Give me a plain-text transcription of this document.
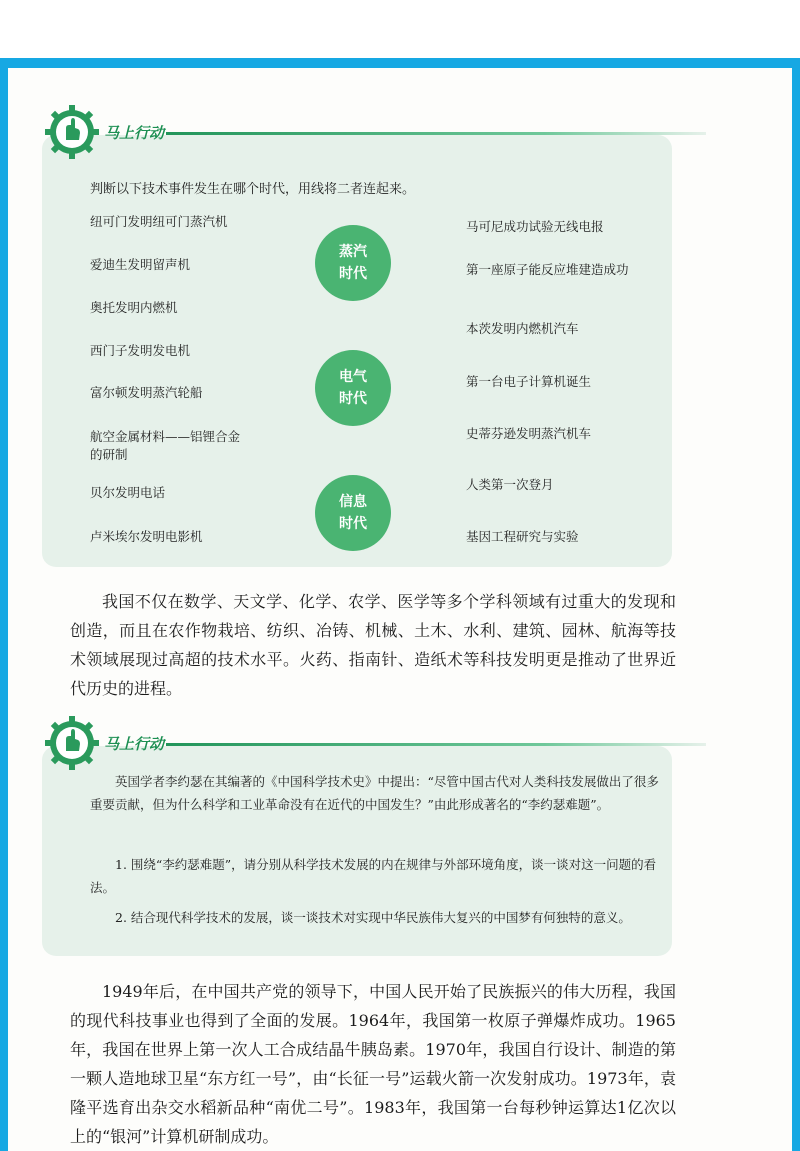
马上行动
判断以下技术事件发生在哪个时代，用线将二者连起来。
纽可门发明纽可门蒸汽机
爱迪生发明留声机
奥托发明内燃机
西门子发明发电机
富尔顿发明蒸汽轮船
航空金属材料——铝锂合金的研制
贝尔发明电话
卢米埃尔发明电影机
蒸汽时代
电气时代
信息时代
马可尼成功试验无线电报
第一座原子能反应堆建造成功
本茨发明内燃机汽车
第一台电子计算机诞生
史蒂芬逊发明蒸汽机车
人类第一次登月
基因工程研究与实验

我国不仅在数学、天文学、化学、农学、医学等多个学科领域有过重大的发现和创造，而且在农作物栽培、纺织、冶铸、机械、土木、水利、建筑、园林、航海等技术领域展现过高超的技术水平。火药、指南针、造纸术等科技发明更是推动了世界近代历史的进程。

马上行动

英国学者李约瑟在其编著的《中国科学技术史》中提出：“尽管中国古代对人类科技发展做出了很多重要贡献，但为什么科学和工业革命没有在近代的中国发生？”由此形成著名的“李约瑟难题”。

1. 围绕“李约瑟难题”，请分别从科学技术发展的内在规律与外部环境角度，谈一谈对这一问题的看法。

2. 结合现代科学技术的发展，谈一谈技术对实现中华民族伟大复兴的中国梦有何独特的意义。

1949年后，在中国共产党的领导下，中国人民开始了民族振兴的伟大历程，我国的现代科技事业也得到了全面的发展。1964年，我国第一枚原子弹爆炸成功。1965年，我国在世界上第一次人工合成结晶牛胰岛素。1970年，我国自行设计、制造的第一颗人造地球卫星“东方红一号”，由“长征一号”运载火箭一次发射成功。1973年，袁隆平选育出杂交水稻新品种“南优二号”。1983年，我国第一台每秒钟运算达1亿次以上的“银河”计算机研制成功。
